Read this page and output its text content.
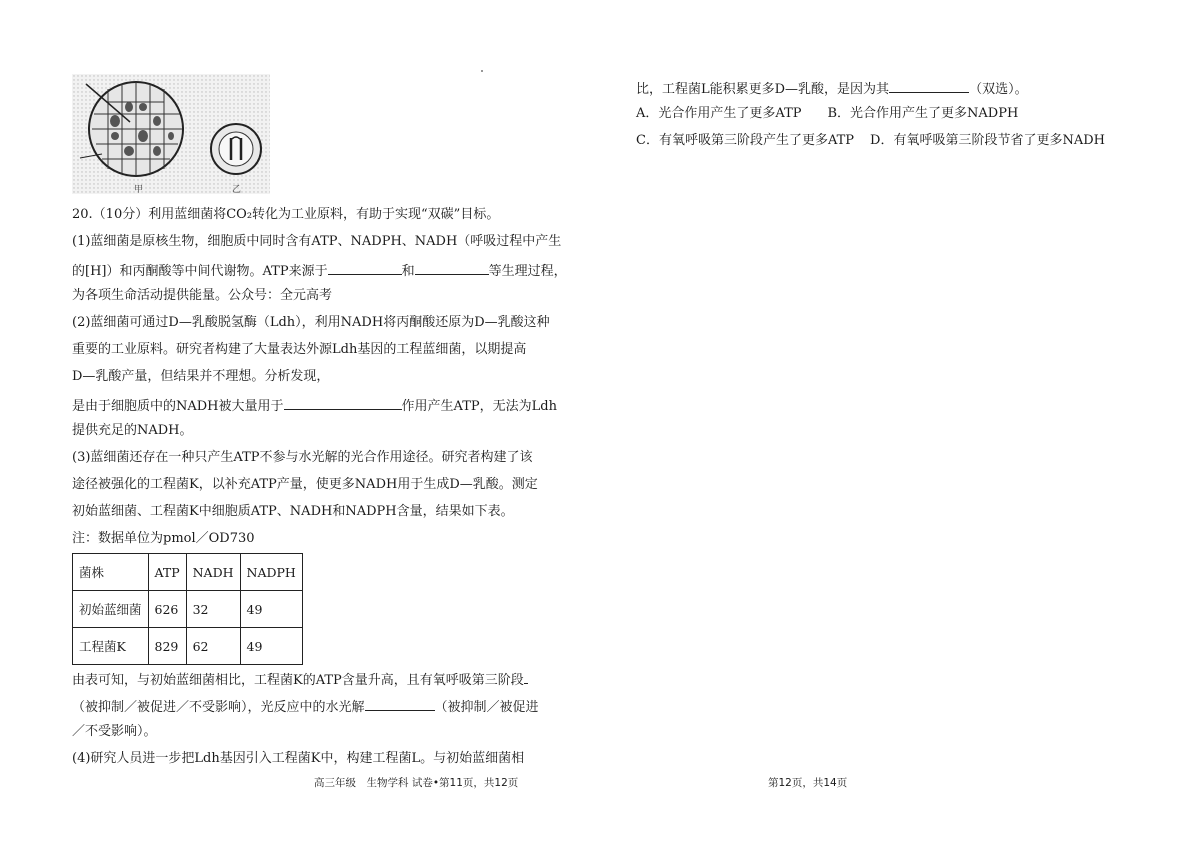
甲	乙
20.（10分）利用蓝细菌将CO₂转化为工业原料，有助于实现“双碳”目标。
(1)蓝细菌是原核生物，细胞质中同时含有ATP、NADPH、NADH（呼吸过程中产生
的[H]）和丙酮酸等中间代谢物。ATP来源于	和	等生理过程，
为各项生命活动提供能量。公众号：全元高考
(2)蓝细菌可通过D—乳酸脱氢酶（Ldh），利用NADH将丙酮酸还原为D—乳酸这种
重要的工业原料。研究者构建了大量表达外源Ldh基因的工程蓝细菌，以期提高
D—乳酸产量，但结果并不理想。分析发现，
是由于细胞质中的NADH被大量用于	作用产生ATP，无法为Ldh
提供充足的NADH。
(3)蓝细菌还存在一种只产生ATP不参与水光解的光合作用途径。研究者构建了该
途径被强化的工程菌K，以补充ATP产量，使更多NADH用于生成D—乳酸。测定
初始蓝细菌、工程菌K中细胞质ATP、NADH和NADPH含量，结果如下表。
注：数据单位为pmol／OD730
菌株	ATP	NADH	NADPH
初始蓝细菌	626	32	49
工程菌K	829	62	49
由表可知，与初始蓝细菌相比，工程菌K的ATP含量升高，且有氧呼吸第三阶段
（被抑制／被促进／不受影响），光反应中的水光解	（被抑制／被促进
／不受影响）。
(4)研究人员进一步把Ldh基因引入工程菌K中，构建工程菌L。与初始蓝细菌相
比，工程菌L能积累更多D—乳酸，是因为其	（双选）。
A．光合作用产生了更多ATP B．光合作用产生了更多NADPH
C．有氧呼吸第三阶段产生了更多ATP D．有氧呼吸第三阶段节省了更多NADH
高三年级　生物学科 试卷•第11页，共12页	第12页，共14页
